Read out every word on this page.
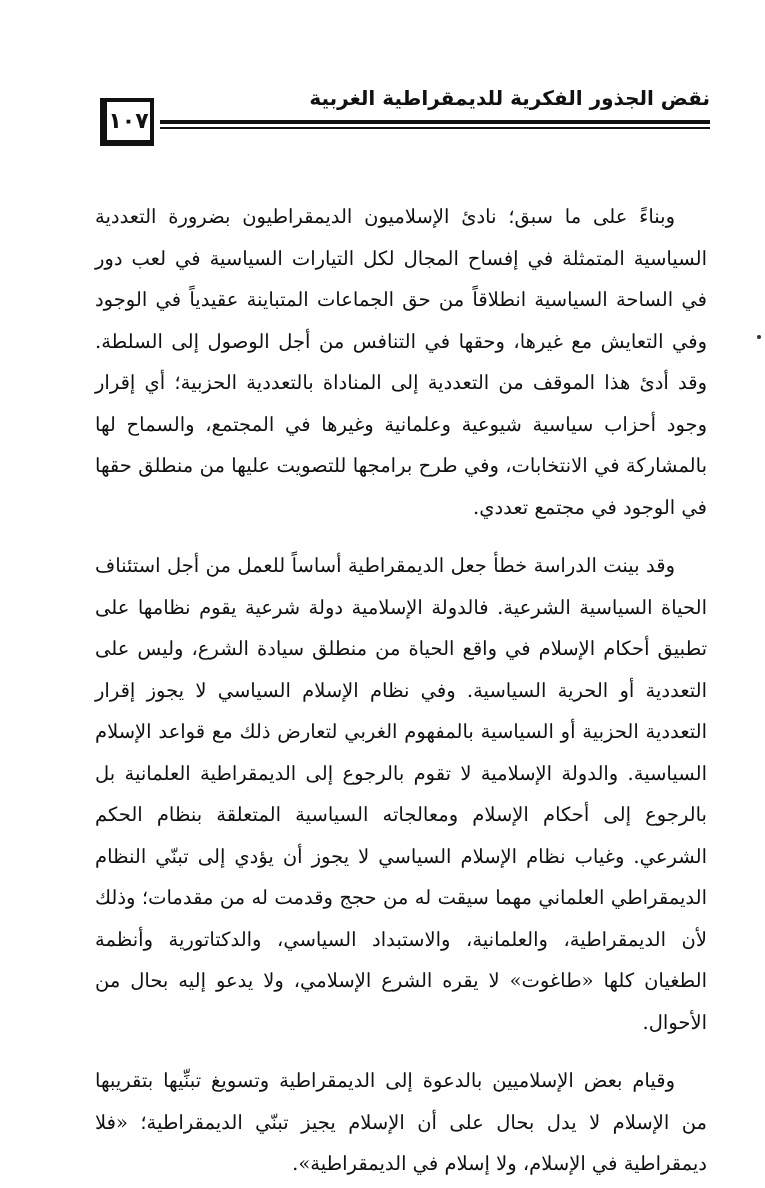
١٠٧
نقض الجذور الفكرية للديمقراطية الغربية

وبناءً على ما سبق؛ نادئ الإسلاميون الديمقراطيون بضرورة التعددية السياسية المتمثلة في إفساح المجال لكل التيارات السياسية في لعب دور في الساحة السياسية انطلاقاً من حق الجماعات المتباينة عقيدياً في الوجود وفي التعايش مع غيرها، وحقها في التنافس من أجل الوصول إلى السلطة. وقد أدئ هذا الموقف من التعددية إلى المناداة بالتعددية الحزبية؛ أي إقرار وجود أحزاب سياسية شيوعية وعلمانية وغيرها في المجتمع، والسماح لها بالمشاركة في الانتخابات، وفي طرح برامجها للتصويت عليها من منطلق حقها في الوجود في مجتمع تعددي.

وقد بينت الدراسة خطأ جعل الديمقراطية أساساً للعمل من أجل استئناف الحياة السياسية الشرعية. فالدولة الإسلامية دولة شرعية يقوم نظامها على تطبيق أحكام الإسلام في واقع الحياة من منطلق سيادة الشرع، وليس على التعددية أو الحرية السياسية. وفي نظام الإسلام السياسي لا يجوز إقرار التعددية الحزبية أو السياسية بالمفهوم الغربي لتعارض ذلك مع قواعد الإسلام السياسية. والدولة الإسلامية لا تقوم بالرجوع إلى الديمقراطية العلمانية بل بالرجوع إلى أحكام الإسلام ومعالجاته السياسية المتعلقة بنظام الحكم الشرعي. وغياب نظام الإسلام السياسي لا يجوز أن يؤدي إلى تبنّي النظام الديمقراطي العلماني مهما سيقت له من حجج وقدمت له من مقدمات؛ وذلك لأن الديمقراطية، والعلمانية، والاستبداد السياسي، والدكتاتورية وأنظمة الطغيان كلها «طاغوت» لا يقره الشرع الإسلامي، ولا يدعو إليه بحال من الأحوال.

وقيام بعض الإسلاميين بالدعوة إلى الديمقراطية وتسويغ تبنِّيها بتقريبها من الإسلام لا يدل بحال على أن الإسلام يجيز تبنّي الديمقراطية؛ «فلا ديمقراطية في الإسلام، ولا إسلام في الديمقراطية».
